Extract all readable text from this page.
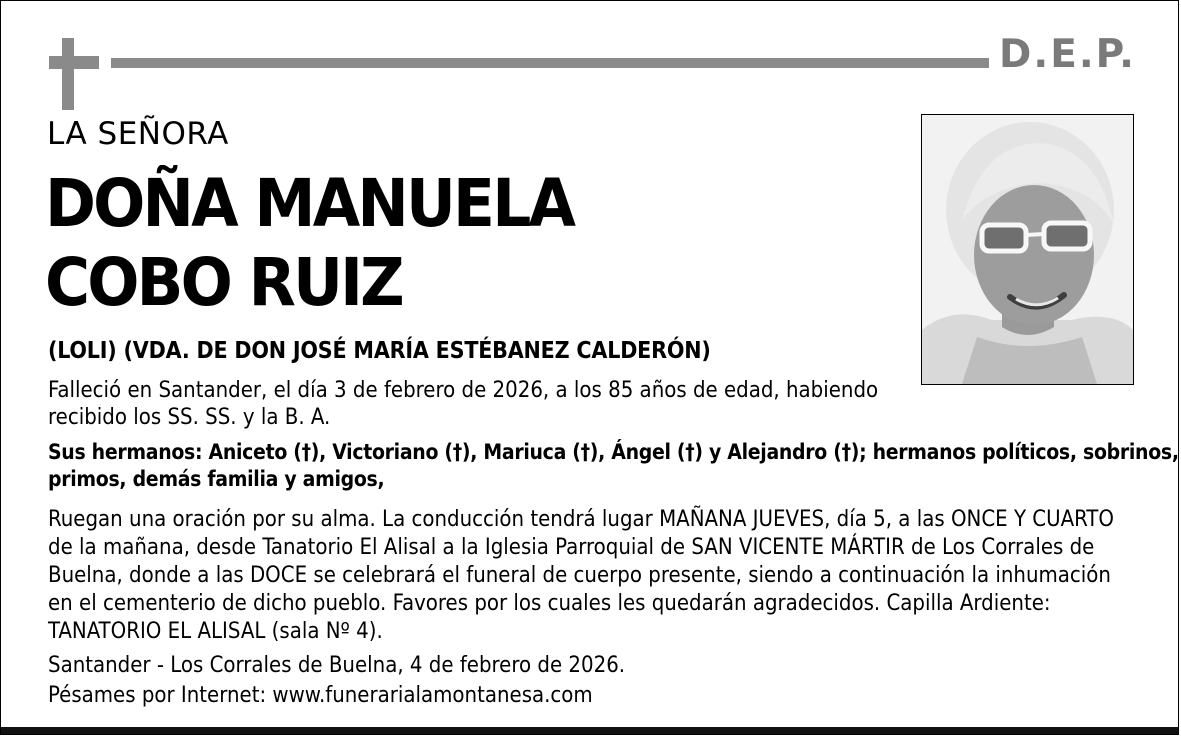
D.E.P.
LA SEÑORA
DOÑA MANUELA
COBO RUIZ

(LOLI) (VDA. DE DON JOSÉ MARÍA ESTÉBANEZ CALDERÓN)

Falleció en Santander, el día 3 de febrero de 2026, a los 85 años de edad, habiendo
recibido los SS. SS. y la B. A.
Sus hermanos: Aniceto (†), Victoriano (†), Mariuca (†), Ángel (†) y Alejandro (†); hermanos políticos, sobrinos,
primos, demás familia y amigos,
Ruegan una oración por su alma. La conducción tendrá lugar MAÑANA JUEVES, día 5, a las ONCE Y CUARTO
de la mañana, desde Tanatorio El Alisal a la Iglesia Parroquial de SAN VICENTE MÁRTIR de Los Corrales de
Buelna, donde a las DOCE se celebrará el funeral de cuerpo presente, siendo a continuación la inhumación
en el cementerio de dicho pueblo. Favores por los cuales les quedarán agradecidos. Capilla Ardiente:
TANATORIO EL ALISAL (sala Nº 4).
Santander - Los Corrales de Buelna, 4 de febrero de 2026.
Pésames por Internet: www.funerarialamontanesa.com
